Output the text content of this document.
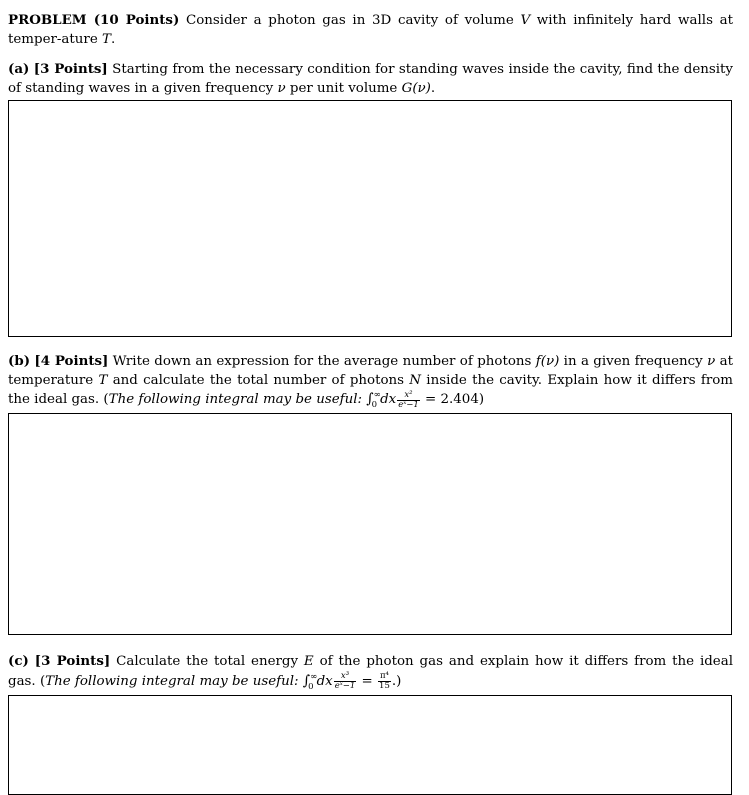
PROBLEM (10 Points) Consider a photon gas in 3D cavity of volume V with infinitely hard walls at temper-ature T.

(a) [3 Points] Starting from the necessary condition for standing waves inside the cavity, find the density of standing waves in a given frequency ν per unit volume G(ν).

(b) [4 Points] Write down an expression for the average number of photons f(ν) in a given frequency ν at temperature T and calculate the total number of photons N inside the cavity. Explain how it differs from the ideal gas. (The following integral may be useful: $\int^\infty_0$ dx $\frac{\text{x²}}{\text{eˣ−1}} = 2.404$)

(c) [3 Points] Calculate the total energy E of the photon gas and explain how it differs from the ideal gas. (The following integral may be useful: $\int^\infty_0$ dx $\frac{\text{x³}}{\text{eˣ−1}} = \frac{\text{π⁴}}{15}$ .)
